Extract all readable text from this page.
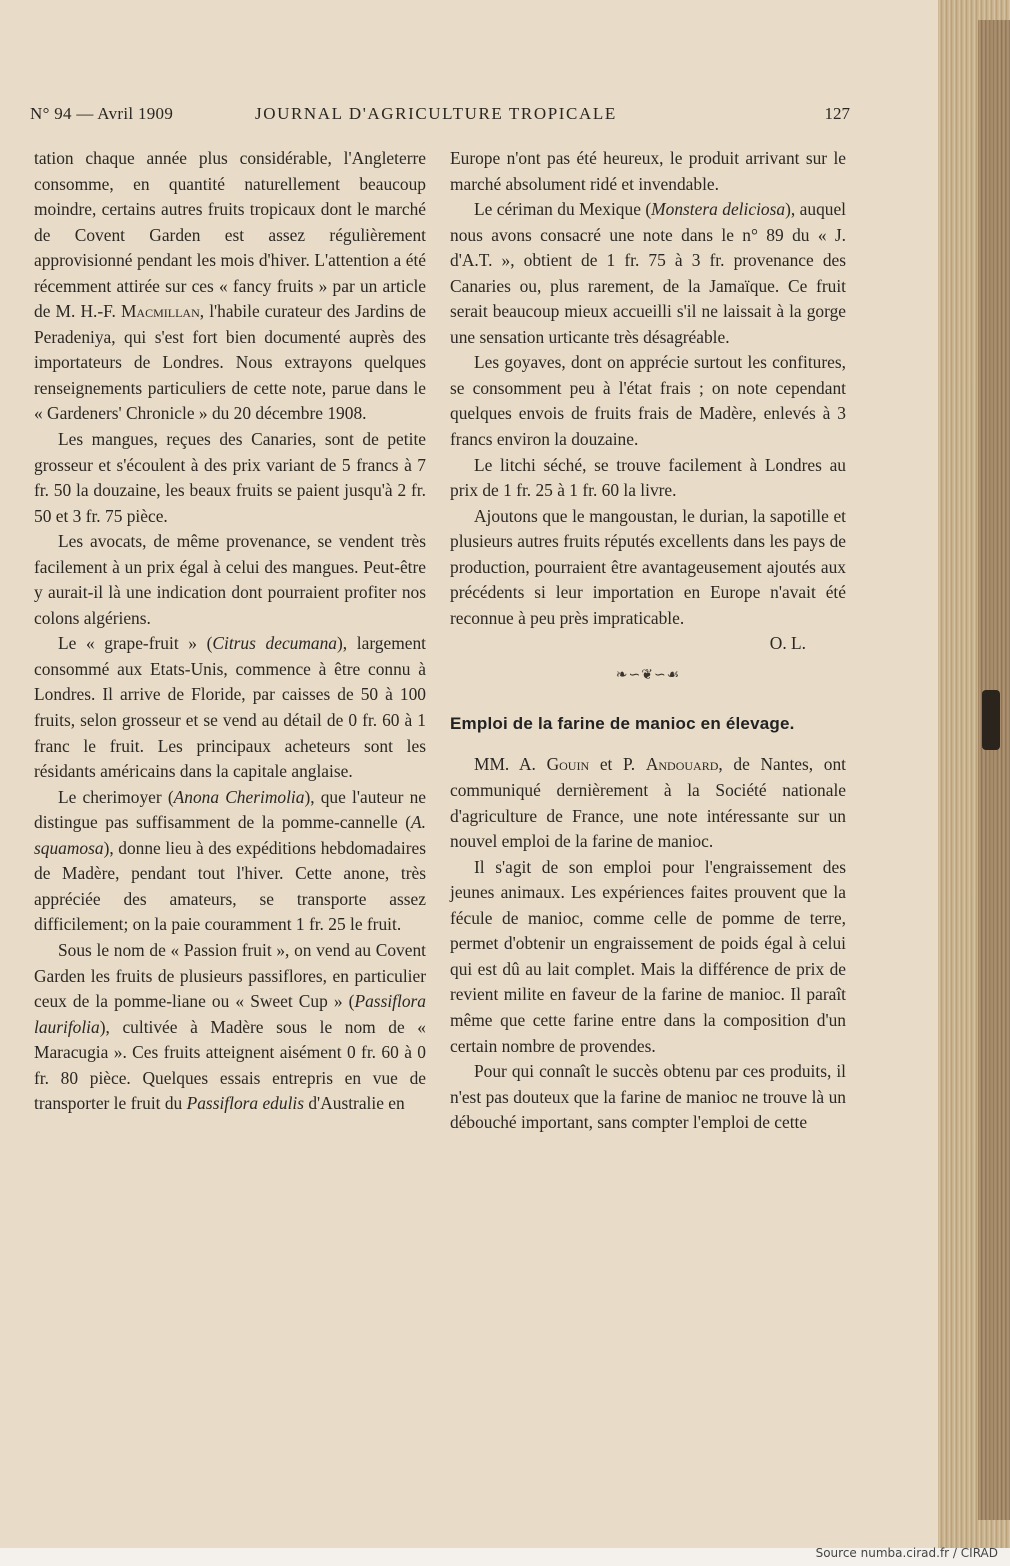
N° 94 — Avril 1909	JOURNAL D'AGRICULTURE TROPICALE	127

tation chaque année plus considérable, l'Angleterre consomme, en quantité naturellement beaucoup moindre, certains autres fruits tropicaux dont le marché de Covent Garden est assez régulièrement approvisionné pendant les mois d'hiver. L'attention a été récemment attirée sur ces « fancy fruits » par un article de M. H.-F. Macmillan, l'habile curateur des Jardins de Peradeniya, qui s'est fort bien documenté auprès des importateurs de Londres. Nous extrayons quelques renseignements particuliers de cette note, parue dans le « Gardeners' Chronicle » du 20 décembre 1908.

Les mangues, reçues des Canaries, sont de petite grosseur et s'écoulent à des prix variant de 5 francs à 7 fr. 50 la douzaine, les beaux fruits se paient jusqu'à 2 fr. 50 et 3 fr. 75 pièce.

Les avocats, de même provenance, se vendent très facilement à un prix égal à celui des mangues. Peut-être y aurait-il là une indication dont pourraient profiter nos colons algériens.

Le « grape-fruit » (Citrus decumana), largement consommé aux Etats-Unis, commence à être connu à Londres. Il arrive de Floride, par caisses de 50 à 100 fruits, selon grosseur et se vend au détail de 0 fr. 60 à 1 franc le fruit. Les principaux acheteurs sont les résidants américains dans la capitale anglaise.

Le cherimoyer (Anona Cherimolia), que l'auteur ne distingue pas suffisamment de la pomme-cannelle (A. squamosa), donne lieu à des expéditions hebdomadaires de Madère, pendant tout l'hiver. Cette anone, très appréciée des amateurs, se transporte assez difficilement; on la paie couramment 1 fr. 25 le fruit.

Sous le nom de « Passion fruit », on vend au Covent Garden les fruits de plusieurs passiflores, en particulier ceux de la pomme-liane ou « Sweet Cup » (Passiflora laurifolia), cultivée à Madère sous le nom de « Maracugia ». Ces fruits atteignent aisément 0 fr. 60 à 0 fr. 80 pièce. Quelques essais entrepris en vue de transporter le fruit du Passiflora edulis d'Australie en

Europe n'ont pas été heureux, le produit arrivant sur le marché absolument ridé et invendable.

Le cériman du Mexique (Monstera deliciosa), auquel nous avons consacré une note dans le n° 89 du « J. d'A.T. », obtient de 1 fr. 75 à 3 fr. provenance des Canaries ou, plus rarement, de la Jamaïque. Ce fruit serait beaucoup mieux accueilli s'il ne laissait à la gorge une sensation urticante très désagréable.

Les goyaves, dont on apprécie surtout les confitures, se consomment peu à l'état frais ; on note cependant quelques envois de fruits frais de Madère, enlevés à 3 francs environ la douzaine.

Le litchi séché, se trouve facilement à Londres au prix de 1 fr. 25 à 1 fr. 60 la livre.

Ajoutons que le mangoustan, le durian, la sapotille et plusieurs autres fruits réputés excellents dans les pays de production, pourraient être avantageusement ajoutés aux précédents si leur importation en Europe n'avait été reconnue à peu près impraticable.

O. L.

❧∽❦∽☙
Emploi de la farine de manioc en élevage.

MM. A. Gouin et P. Andouard, de Nantes, ont communiqué dernièrement à la Société nationale d'agriculture de France, une note intéressante sur un nouvel emploi de la farine de manioc.

Il s'agit de son emploi pour l'engraissement des jeunes animaux. Les expériences faites prouvent que la fécule de manioc, comme celle de pomme de terre, permet d'obtenir un engraissement de poids égal à celui qui est dû au lait complet. Mais la différence de prix de revient milite en faveur de la farine de manioc. Il paraît même que cette farine entre dans la composition d'un certain nombre de provendes.

Pour qui connaît le succès obtenu par ces produits, il n'est pas douteux que la farine de manioc ne trouve là un débouché important, sans compter l'emploi de cette

Source numba.cirad.fr / CIRAD
